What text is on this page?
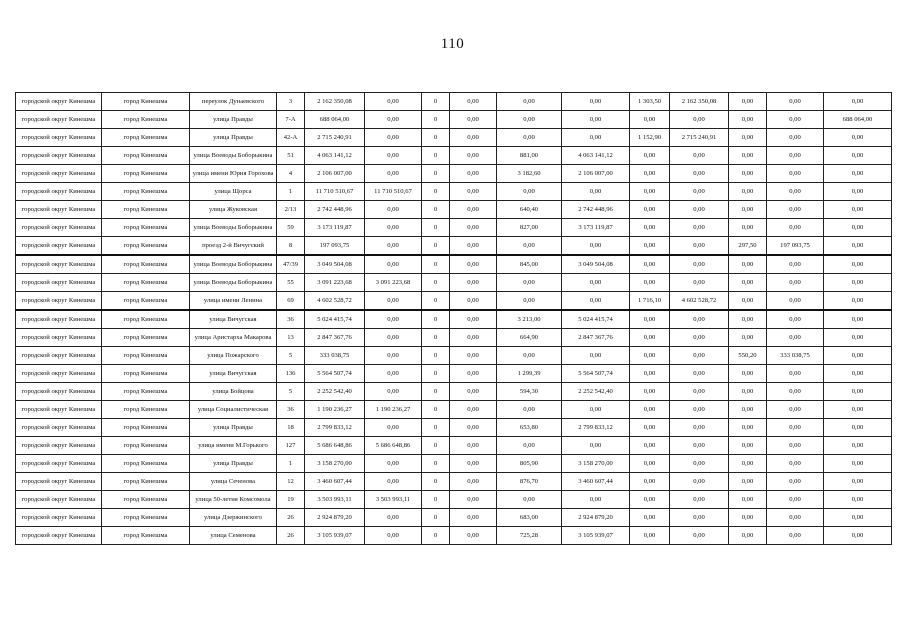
110
городской округ Кинешма	город Кинешма	переулок Дунаевского	3	2 162 350,08	0,00	0	0,00	0,00	0,00	1 303,50	2 162 350,08	0,00	0,00	0,00
городской округ Кинешма	город Кинешма	улица Правды	7-А	688 064,00	0,00	0	0,00	0,00	0,00	0,00	0,00	0,00	0,00	688 064,00
городской округ Кинешма	город Кинешма	улица Правды	42-А	2 715 240,91	0,00	0	0,00	0,00	0,00	1 152,90	2 715 240,91	0,00	0,00	0,00
городской округ Кинешма	город Кинешма	улица Воеводы Боборыкина	51	4 063 141,12	0,00	0	0,00	881,00	4 063 141,12	0,00	0,00	0,00	0,00	0,00
городской округ Кинешма	город Кинешма	улица имени Юрия Горохова	4	2 106 007,00	0,00	0	0,00	3 182,60	2 106 007,00	0,00	0,00	0,00	0,00	0,00
городской округ Кинешма	город Кинешма	улица Щорса	1	11 710 510,67	11 710 510,67	0	0,00	0,00	0,00	0,00	0,00	0,00	0,00	0,00
городской округ Кинешма	город Кинешма	улица Жуковская	2/13	2 742 448,96	0,00	0	0,00	640,40	2 742 448,96	0,00	0,00	0,00	0,00	0,00
городской округ Кинешма	город Кинешма	улица Воеводы Боборыкина	59	3 173 119,87	0,00	0	0,00	827,00	3 173 119,87	0,00	0,00	0,00	0,00	0,00
городской округ Кинешма	город Кинешма	проезд 2-й Вичугский	8	197 093,75	0,00	0	0,00	0,00	0,00	0,00	0,00	297,50	197 093,75	0,00
городской округ Кинешма	город Кинешма	улица Воеводы Боборыкина	47/39	3 049 504,08	0,00	0	0,00	845,00	3 049 504,08	0,00	0,00	0,00	0,00	0,00
городской округ Кинешма	город Кинешма	улица Воеводы Боборыкина	55	3 091 223,68	3 091 223,68	0	0,00	0,00	0,00	0,00	0,00	0,00	0,00	0,00
городской округ Кинешма	город Кинешма	улица имени Ленина	69	4 602 528,72	0,00	0	0,00	0,00	0,00	1 716,10	4 602 528,72	0,00	0,00	0,00
городской округ Кинешма	город Кинешма	улица Вичугская	36	5 024 415,74	0,00	0	0,00	3 213,00	5 024 415,74	0,00	0,00	0,00	0,00	0,00
городской округ Кинешма	город Кинешма	улица Аристарха Макарова	13	2 847 367,76	0,00	0	0,00	664,90	2 847 367,76	0,00	0,00	0,00	0,00	0,00
городской округ Кинешма	город Кинешма	улица Пожарского	5	333 038,75	0,00	0	0,00	0,00	0,00	0,00	0,00	550,20	333 038,75	0,00
городской округ Кинешма	город Кинешма	улица Вичугская	136	5 564 507,74	0,00	0	0,00	1 299,39	5 564 507,74	0,00	0,00	0,00	0,00	0,00
городской округ Кинешма	город Кинешма	улица Бойцова	5	2 252 542,40	0,00	0	0,00	594,30	2 252 542,40	0,00	0,00	0,00	0,00	0,00
городской округ Кинешма	город Кинешма	улица Социалистическая	36	1 190 236,27	1 190 236,27	0	0,00	0,00	0,00	0,00	0,00	0,00	0,00	0,00
городской округ Кинешма	город Кинешма	улица Правды	18	2 799 833,12	0,00	0	0,00	653,80	2 799 833,12	0,00	0,00	0,00	0,00	0,00
городской округ Кинешма	город Кинешма	улица имени М.Горького	127	5 686 648,86	5 686 648,86	0	0,00	0,00	0,00	0,00	0,00	0,00	0,00	0,00
городской округ Кинешма	город Кинешма	улица Правды	1	3 158 270,00	0,00	0	0,00	805,90	3 158 270,00	0,00	0,00	0,00	0,00	0,00
городской округ Кинешма	город Кинешма	улица Сеченова	12	3 460 607,44	0,00	0	0,00	876,70	3 460 607,44	0,00	0,00	0,00	0,00	0,00
городской округ Кинешма	город Кинешма	улица 50-летия Комсомола	19	3 503 993,11	3 503 993,11	0	0,00	0,00	0,00	0,00	0,00	0,00	0,00	0,00
городской округ Кинешма	город Кинешма	улица Дзержинского	26	2 924 879,20	0,00	0	0,00	683,00	2 924 879,20	0,00	0,00	0,00	0,00	0,00
городской округ Кинешма	город Кинешма	улица Семенова	26	3 105 939,07	0,00	0	0,00	725,28	3 105 939,07	0,00	0,00	0,00	0,00	0,00
